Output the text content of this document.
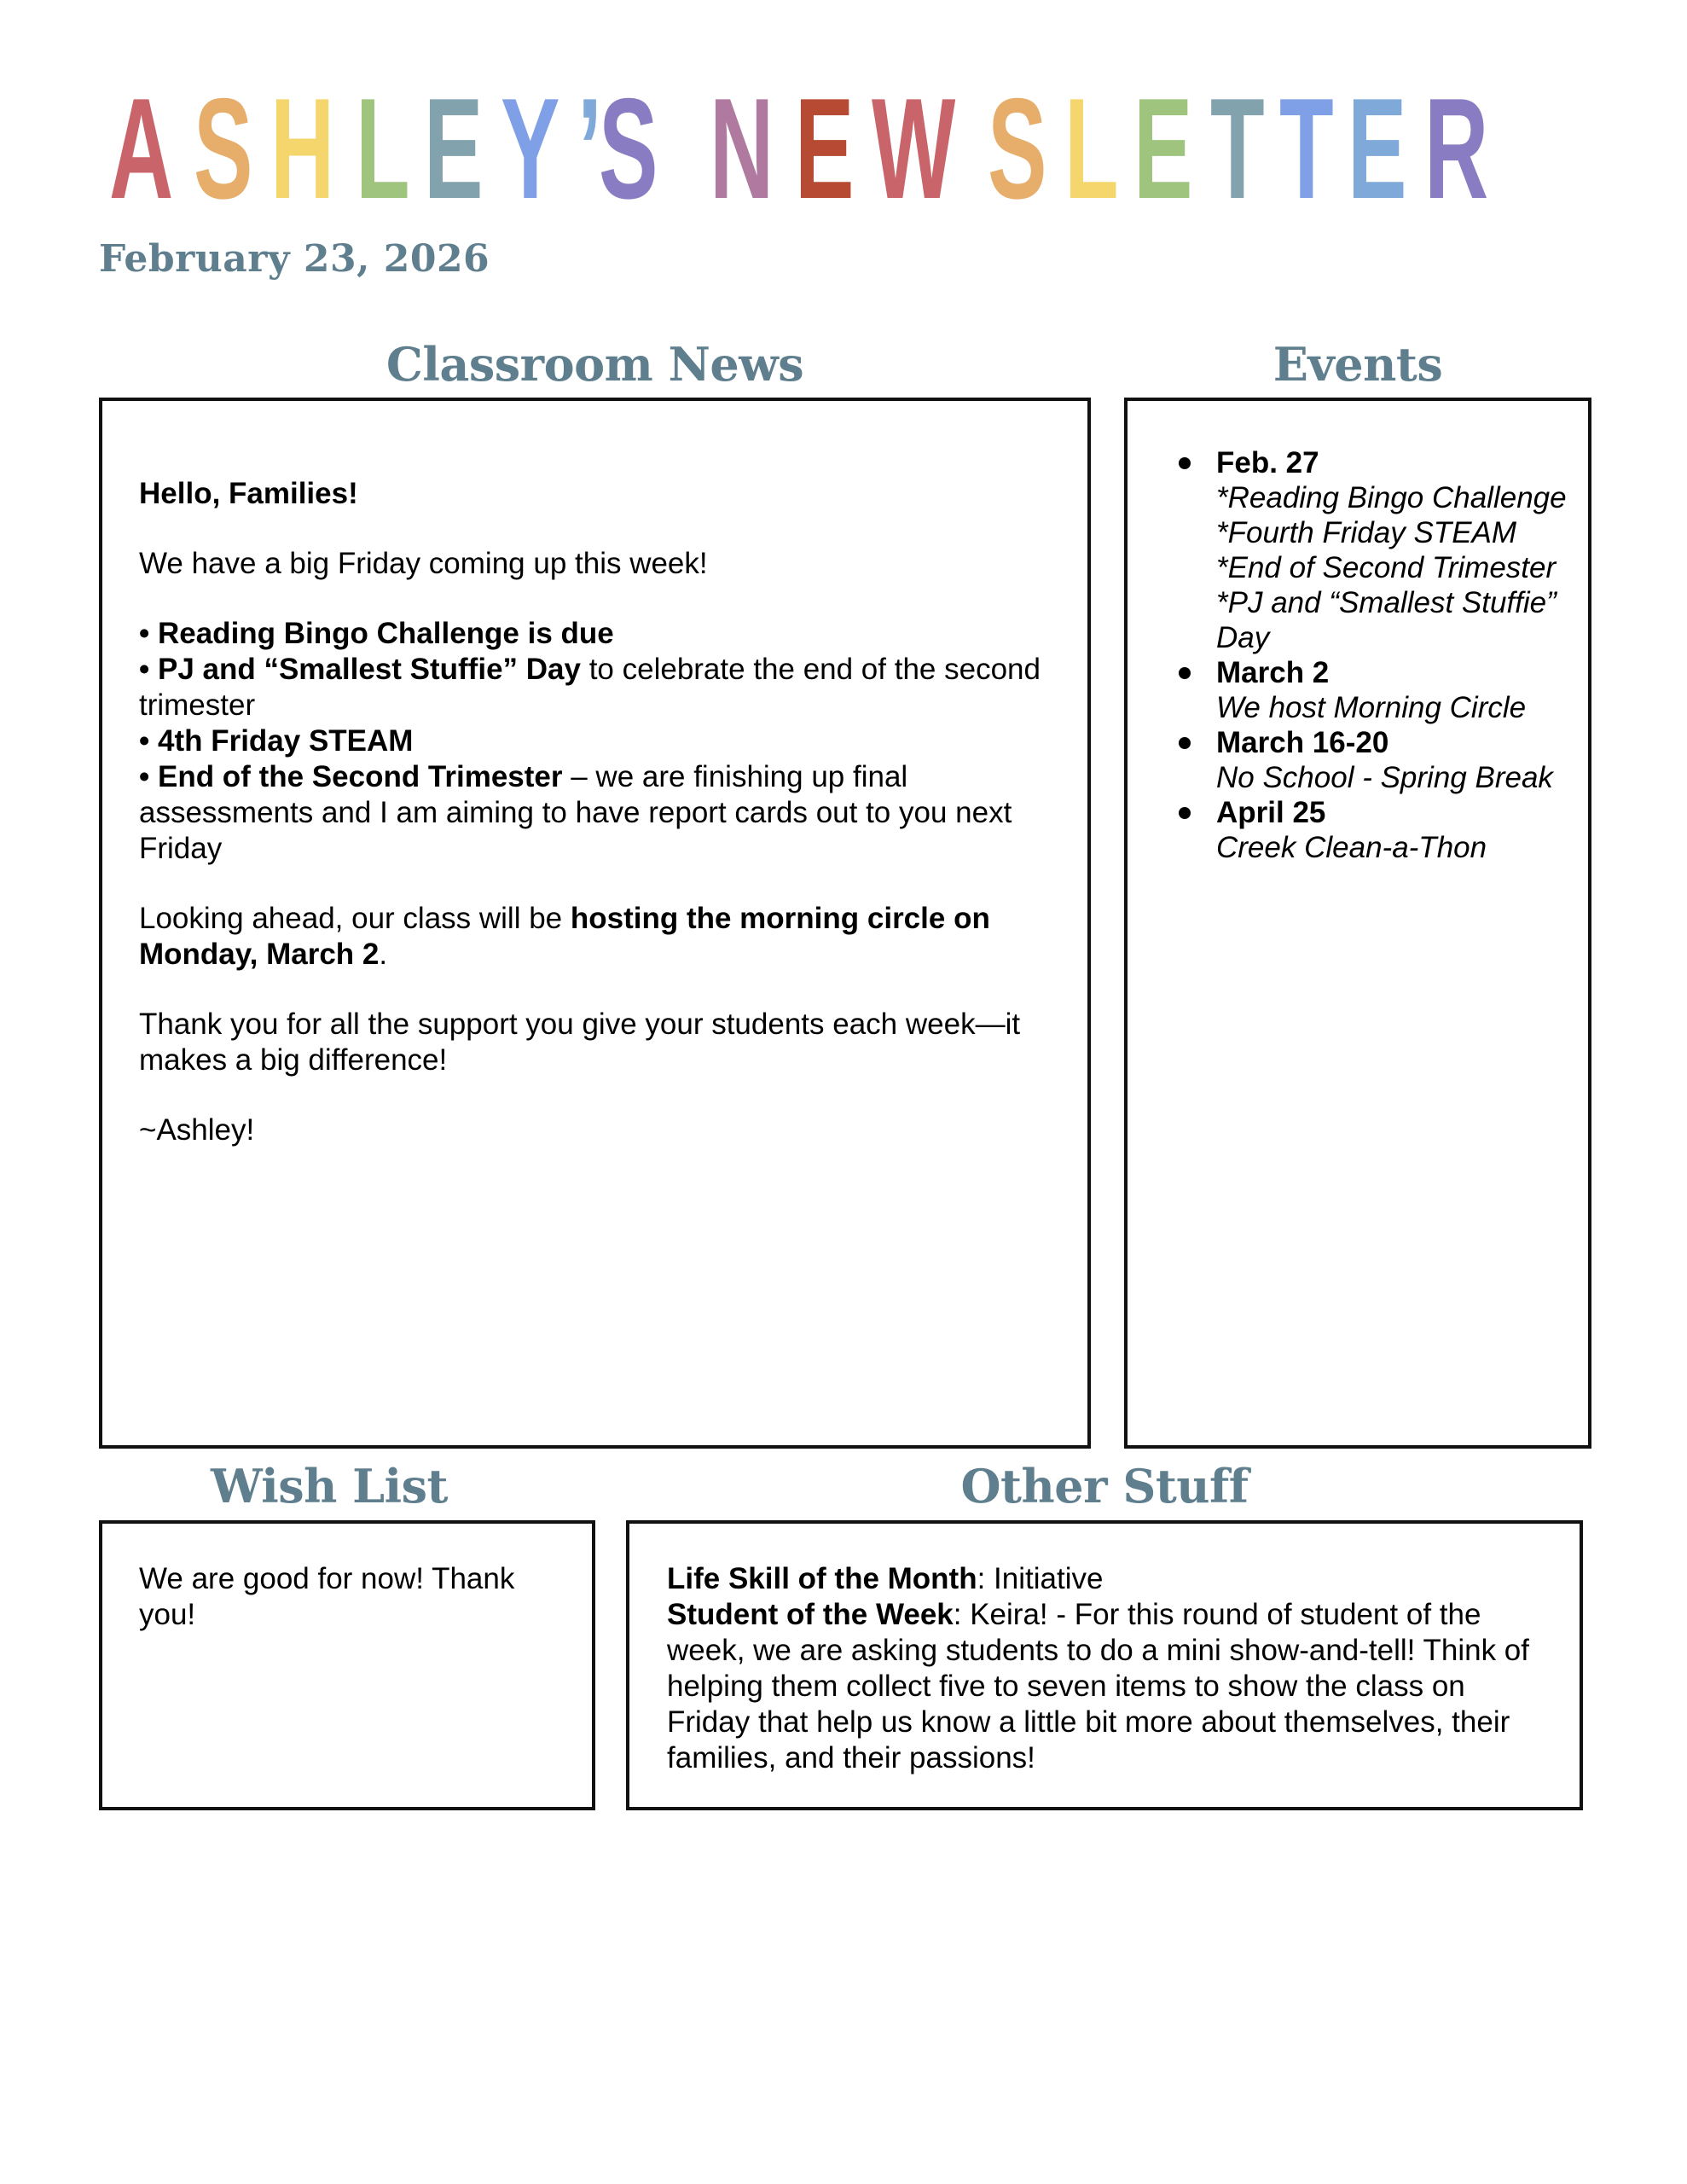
A S H L E Y ’
S N E W S L E T T E R
February 23, 2026
Classroom News	Events
Wish List	Other Stuff

Hello, Families!

We have a big Friday coming up this week!

• Reading Bingo Challenge is due

• PJ and “Smallest Stuffie” Day to celebrate the end of the second trimester

• 4th Friday STEAM

• End of the Second Trimester – we are finishing up final assessments and I am aiming to have report cards out to you next Friday

Looking ahead, our class will be hosting the morning circle on Monday, March 2.

Thank you for all the support you give your students each week—it makes a big difference!

~Ashley!

Feb. 27
*Reading Bingo Challenge
*Fourth Friday STEAM
*End of Second Trimester
*PJ and “Smallest Stuffie” Day
March 2
We host Morning Circle
March 16-20
No School - Spring Break
April 25
Creek Clean-a-Thon

We are good for now! Thank you!

Life Skill of the Month: Initiative

Student of the Week: Keira! - For this round of student of the week, we are asking students to do a mini show-and-tell! Think of helping them collect five to seven items to show the class on Friday that help us know a little bit more about themselves, their families, and their passions!
